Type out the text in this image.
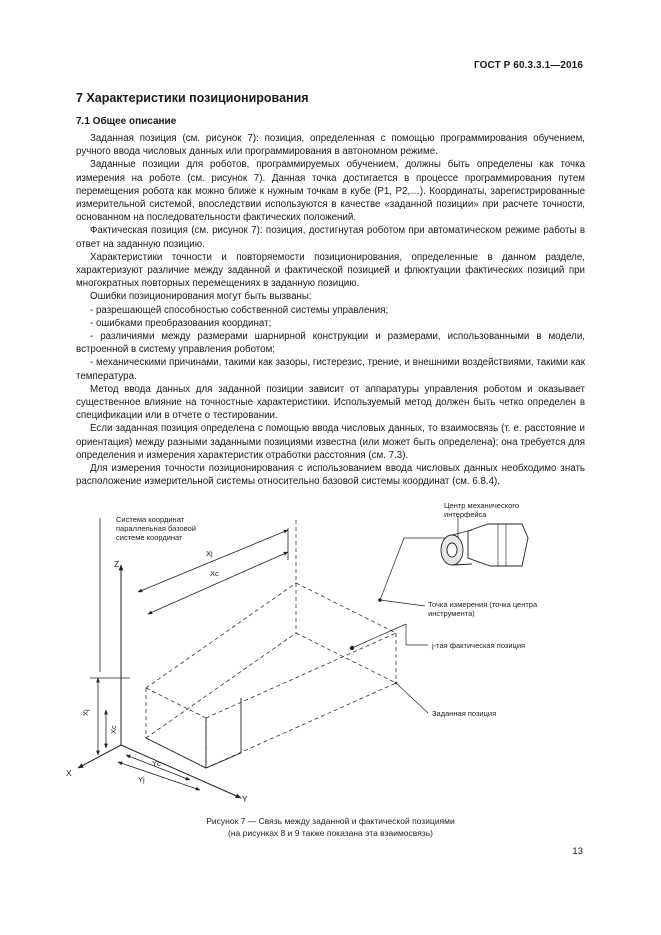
ГОСТ Р 60.3.3.1—2016
7 Характеристики позиционирования
7.1 Общее описание

Заданная позиция (см. рисунок 7): позиция, определенная с помощью программирования обучением, ручного ввода числовых данных или программирования в автономном режиме.

Заданные позиции для роботов, программируемых обучением, должны быть определены как точка измерения на роботе (см. рисунок 7). Данная точка достигается в процессе программирования путем перемещения робота как можно ближе к нужным точкам в кубе (P1, P2,…). Координаты, зарегистрированные измерительной системой, впоследствии используются в качестве «заданной позиции» при расчете точности, основанном на последовательности фактических положений.

Фактическая позиция (см. рисунок 7): позиция, достигнутая роботом при автоматическом режиме работы в ответ на заданную позицию.

Характеристики точности и повторяемости позиционирования, определенные в данном разделе, характеризуют различие между заданной и фактической позицией и флюктуации фактических позиций при многократных повторных перемещениях в заданную позицию.

Ошибки позиционирования могут быть вызваны:

- разрешающей способностью собственной системы управления;

- ошибками преобразования координат;

- различиями между размерами шарнирной конструкции и размерами, использованными в модели, встроенной в систему управления роботом;

- механическими причинами, такими как зазоры, гистерезис, трение, и внешними воздействиями, такими как температура.

Метод ввода данных для заданной позиции зависит от аппаратуры управления роботом и оказывает существенное влияние на точностные характеристики. Используемый метод должен быть четко определен в спецификации или в отчете о тестировании.

Если заданная позиция определена с помощью ввода числовых данных, то взаимосвязь (т. е. расстояние и ориентация) между разными заданными позициями известна (или может быть определена); она требуется для определения и измерения характеристик отработки расстояния (см. 7.3).

Для измерения точности позиционирования с использованием ввода числовых данных необходимо знать расположение измерительной системы относительно базовой системы координат (см. 6.8.4).

Система координат параллельная базовой системе координат
Центр механического интерфейса
Точка измерения (точка центра инструмента)
j-тая фактическая позиция
Заданная позиция
Z
X
Y
Xj
Xc
Xj
Xc
Yj
Yc
Рисунок 7 — Связь между заданной и фактической позициями
(на рисунках 8 и 9 также показана эта взаимосвязь)
13
